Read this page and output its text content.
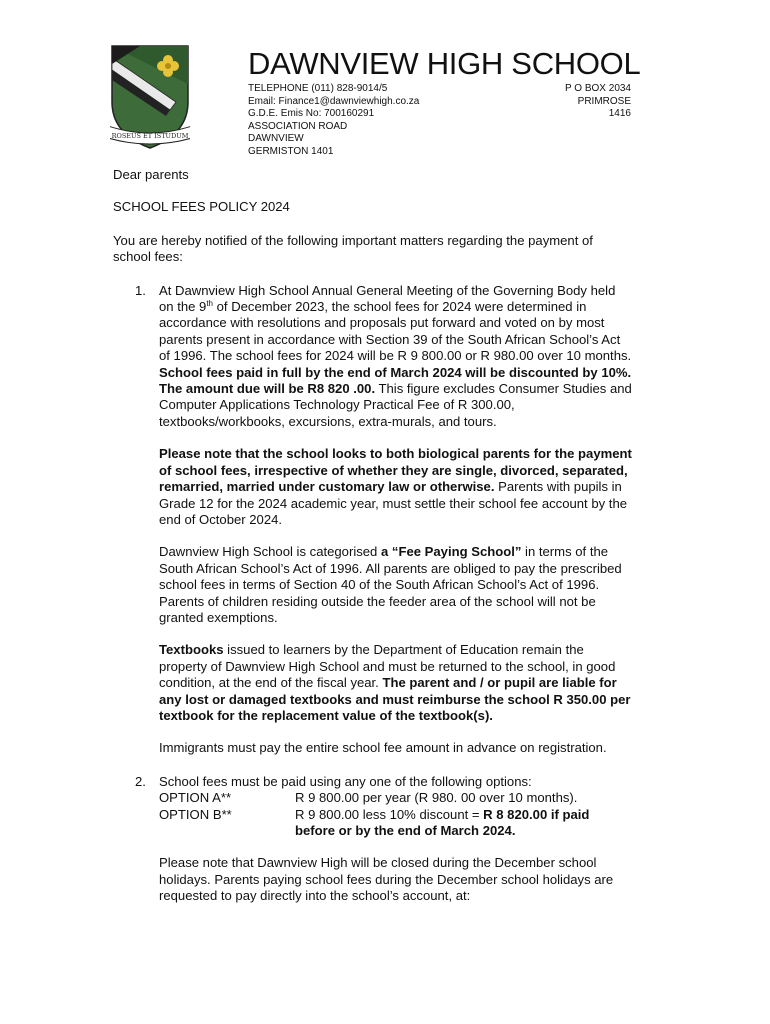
ROSEUS ET ISTUDUM
DAWNVIEW HIGH SCHOOL
TELEPHONE (011) 828-9014/5
Email: Finance1@dawnviewhigh.co.za
G.D.E. Emis No: 700160291
ASSOCIATION ROAD
DAWNVIEW
GERMISTON 1401
P O BOX 2034
PRIMROSE
1416

Dear parents

SCHOOL FEES POLICY 2024

You are hereby notified of the following important matters regarding the payment of school fees:

1. At Dawnview High School Annual General Meeting of the Governing Body held on the 9th of December 2023, the school fees for 2024 were determined in accordance with resolutions and proposals put forward and voted on by most parents present in accordance with Section 39 of the South African School’s Act of 1996. The school fees for 2024 will be R 9 800.00 or R 980.00 over 10 months. School fees paid in full by the end of March 2024 will be discounted by 10%. The amount due will be R8 820 .00. This figure excludes Consumer Studies and Computer Applications Technology Practical Fee of R 300.00, textbooks/workbooks, excursions, extra-murals, and tours.

Please note that the school looks to both biological parents for the payment of school fees, irrespective of whether they are single, divorced, separated, remarried, married under customary law or otherwise. Parents with pupils in Grade 12 for the 2024 academic year, must settle their school fee account by the end of October 2024.

Dawnview High School is categorised a “Fee Paying School” in terms of the South African School’s Act of 1996. All parents are obliged to pay the prescribed school fees in terms of Section 40 of the South African School’s Act of 1996. Parents of children residing outside the feeder area of the school will not be granted exemptions.

Textbooks issued to learners by the Department of Education remain the property of Dawnview High School and must be returned to the school, in good condition, at the end of the fiscal year. The parent and / or pupil are liable for any lost or damaged textbooks and must reimburse the school R 350.00 per textbook for the replacement value of the textbook(s).

Immigrants must pay the entire school fee amount in advance on registration.

2. School fees must be paid using any one of the following options:

OPTION A**	R 9 800.00 per year (R 980. 00 over 10 months).
OPTION B**	R 9 800.00 less 10% discount = R 8 820.00 if paid before or by the end of March 2024.

Please note that Dawnview High will be closed during the December school holidays. Parents paying school fees during the December school holidays are requested to pay directly into the school’s account, at:
